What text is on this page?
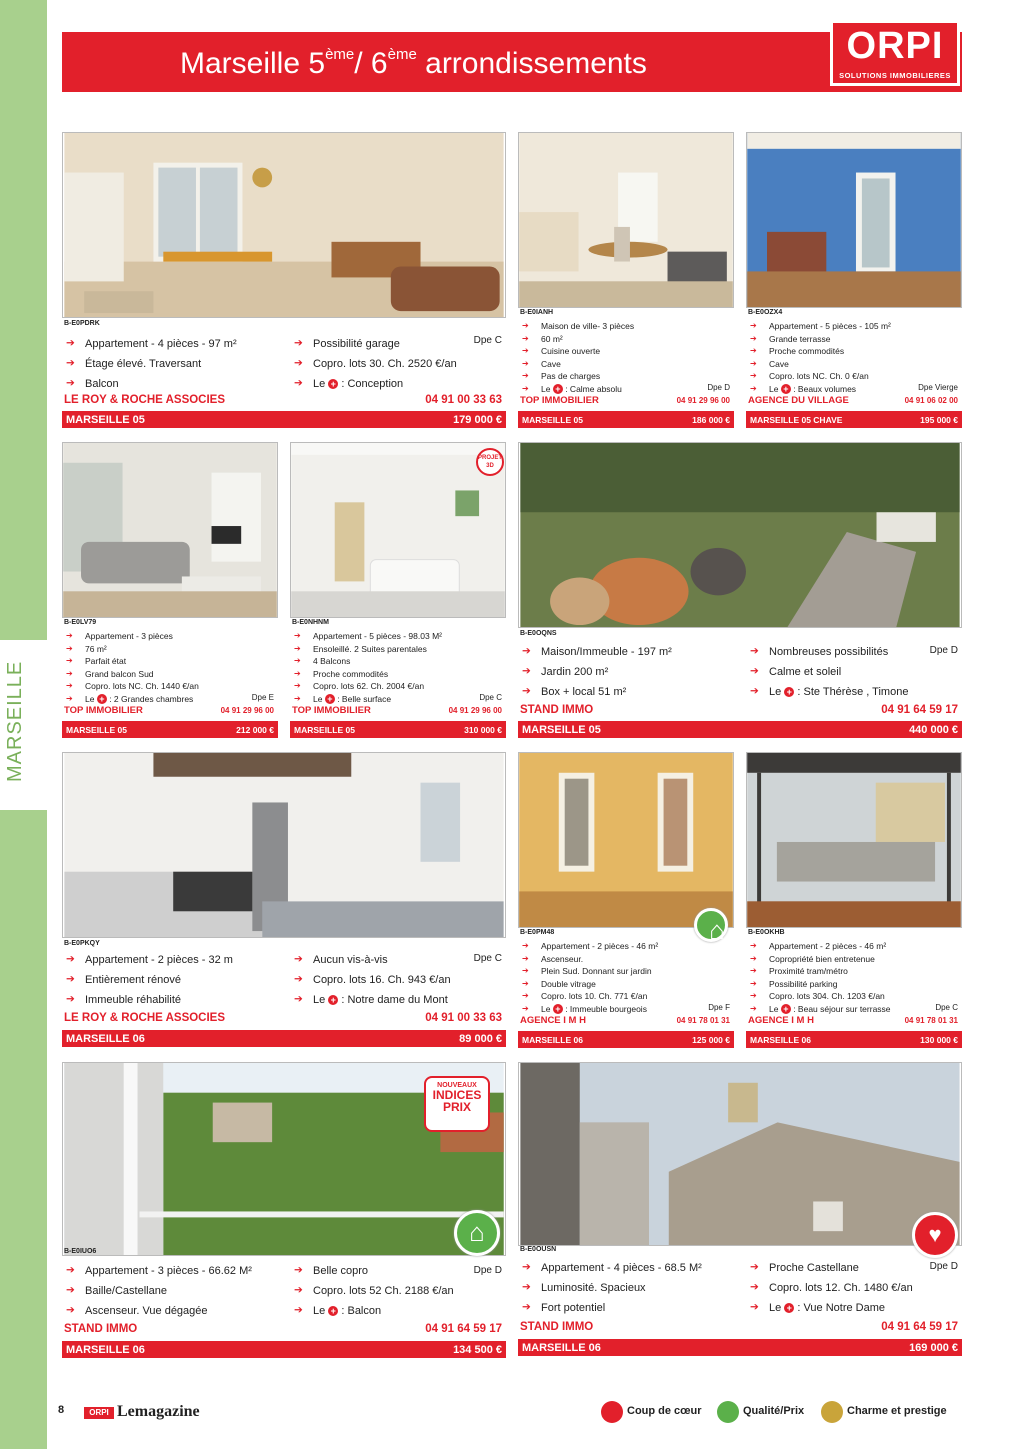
Marseille 5ème/ 6ème arrondissements	ORPI
SOLUTIONS IMMOBILIERES
B-E0PDRK
➔ Appartement - 4 pièces - 97 m²
➔ Étage élevé. Traversant
➔ Balcon
➔ Possibilité garage
➔ Copro. lots 30. Ch. 2520 €/an
➔ Le + : Conception
Dpe C
LE ROY & ROCHE ASSOCIES	04 91 00 33 63
MARSEILLE 05	179 000 €
B-E0IANH
➔ Maison de ville- 3 pièces
➔ 60 m²
➔ Cuisine ouverte
➔ Cave
➔ Pas de charges
➔ Le + : Calme absolu	Dpe D
TOP IMMOBILIER	04 91 29 96 00
MARSEILLE 05	186 000 €
B-E0OZX4
➔ Appartement - 5 pièces - 105 m²
➔ Grande terrasse
➔ Proche commodités
➔ Cave
➔ Copro. lots NC. Ch. 0 €/an
➔ Le + : Beaux volumes	Dpe Vierge
AGENCE DU VILLAGE	04 91 06 02 00
MARSEILLE 05 CHAVE	195 000 €
B-E0LV79
➔ Appartement - 3 pièces
➔ 76 m²
➔ Parfait état
➔ Grand balcon Sud
➔ Copro. lots NC. Ch. 1440 €/an
➔ Le + : 2 Grandes chambres	Dpe E
TOP IMMOBILIER	04 91 29 96 00
MARSEILLE 05	212 000 €
PROJET 3D
B-E0NHNM
➔ Appartement - 5 pièces - 98.03 M²
➔ Ensoleillé. 2 Suites parentales
➔ 4 Balcons
➔ Proche commodités
➔ Copro. lots 62. Ch. 2004 €/an
➔ Le + : Belle surface	Dpe C
TOP IMMOBILIER	04 91 29 96 00
MARSEILLE 05	310 000 €
B-E0OQNS
➔ Maison/Immeuble - 197 m²
➔ Jardin 200 m²
➔ Box + local 51 m²
➔ Nombreuses possibilités
➔ Calme et soleil
➔ Le + : Ste Thérèse , Timone
Dpe D
STAND IMMO	04 91 64 59 17
MARSEILLE 05	440 000 €
B-E0PKQY
➔ Appartement - 2 pièces - 32 m
➔ Entièrement rénové
➔ Immeuble réhabilité
➔ Aucun vis-à-vis
➔ Copro. lots 16. Ch. 943 €/an
➔ Le + : Notre dame du Mont
Dpe C
LE ROY & ROCHE ASSOCIES	04 91 00 33 63
MARSEILLE 06	89 000 €
⌂
B-E0PM48
➔ Appartement - 2 pièces - 46 m²
➔ Ascenseur.
➔ Plein Sud. Donnant sur jardin
➔ Double vitrage
➔ Copro. lots 10. Ch. 771 €/an
➔ Le + : Immeuble bourgeois	Dpe F
AGENCE I M H	04 91 78 01 31
MARSEILLE 06	125 000 €
B-E0OKHB
➔ Appartement - 2 pièces - 46 m²
➔ Copropriété bien entretenue
➔ Proximité tram/métro
➔ Possibilité parking
➔ Copro. lots 304. Ch. 1203 €/an
➔ Le + : Beau séjour sur terrasse	Dpe C
AGENCE I M H	04 91 78 01 31
MARSEILLE 06	130 000 €
⌂
B-E0IUO6
➔ Appartement - 3 pièces - 66.62 M²
➔ Baille/Castellane
➔ Ascenseur. Vue dégagée
➔ Belle copro
➔ Copro. lots 52 Ch. 2188 €/an
➔ Le + : Balcon
Dpe D
STAND IMMO	04 91 64 59 17
MARSEILLE 06	134 500 €
NOUVEAUX
INDICES
PRIX
♥
B-E0OUSN
➔ Appartement - 4 pièces - 68.5 M²
➔ Luminosité. Spacieux
➔ Fort potentiel
➔ Proche Castellane
➔ Copro. lots 12. Ch. 1480 €/an
➔ Le + : Vue Notre Dame
Dpe D
STAND IMMO	04 91 64 59 17
MARSEILLE 06	169 000 €
8	ORPI Lemagazine	Coup de cœur	Qualité/Prix	Charme et prestige
